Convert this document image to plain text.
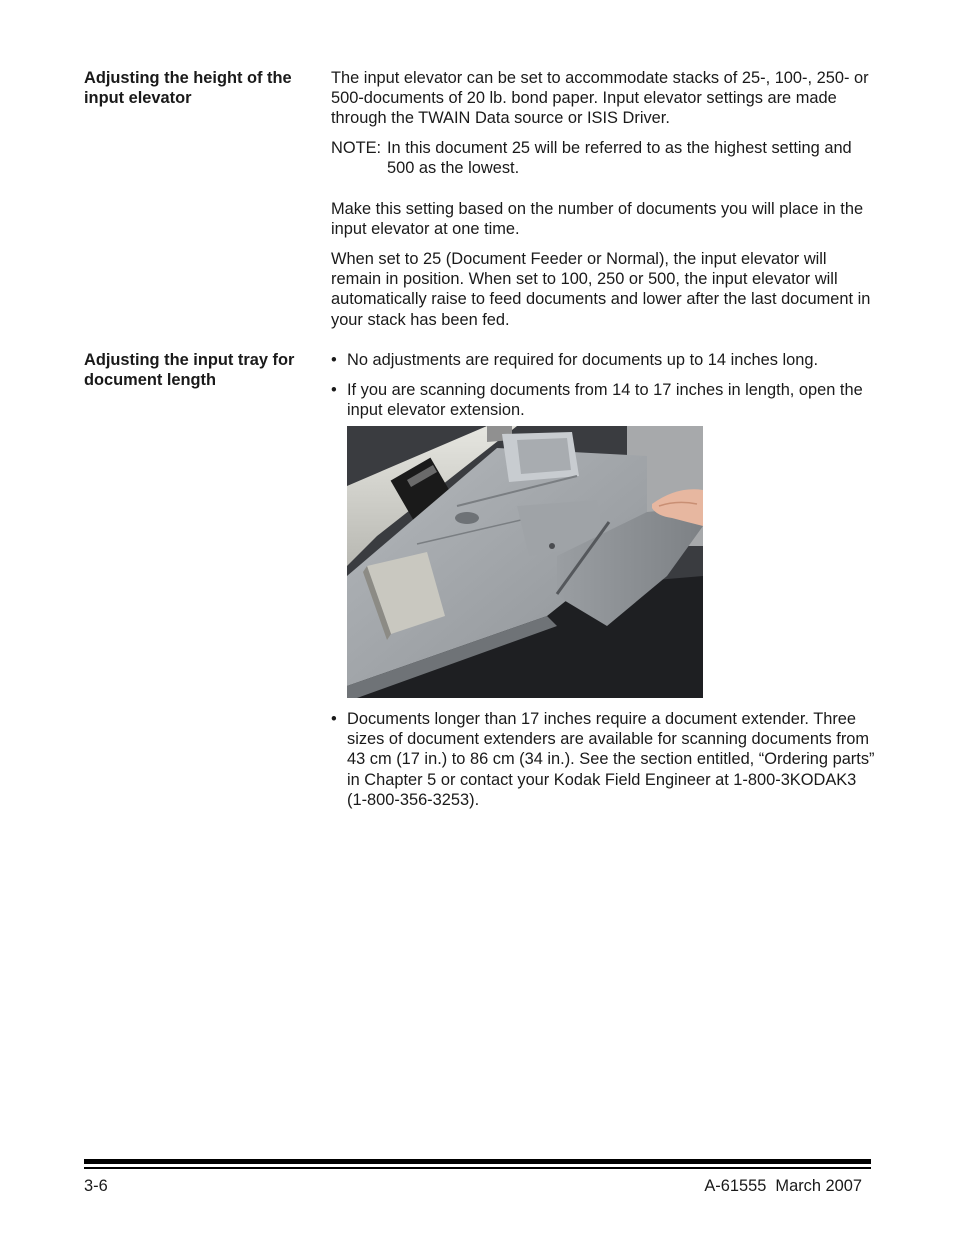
Adjusting the height of the input elevator

The input elevator can be set to accommodate stacks of 25-, 100-, 250- or 500-documents of 20 lb. bond paper. Input elevator settings are made through the TWAIN Data source or ISIS Driver.

NOTE: In this document 25 will be referred to as the highest setting and 500 as the lowest.

Make this setting based on the number of documents you will place in the input elevator at one time.

When set to 25 (Document Feeder or Normal), the input elevator will remain in position. When set to 100, 250 or 500, the input elevator will automatically raise to feed documents and lower after the last document in your stack has been fed.

Adjusting the input tray for document length
• No adjustments are required for documents up to 14 inches long.
• If you are scanning documents from 14 to 17 inches in length, open the input elevator extension.
• Documents longer than 17 inches require a document extender. Three sizes of document extenders are available for scanning documents from 43 cm (17 in.) to 86 cm (34 in.). See the section entitled, “Ordering parts” in Chapter 5 or contact your Kodak Field Engineer at 1-800-3KODAK3 (1-800-356-3253).
3-6	A-61555  March 2007
